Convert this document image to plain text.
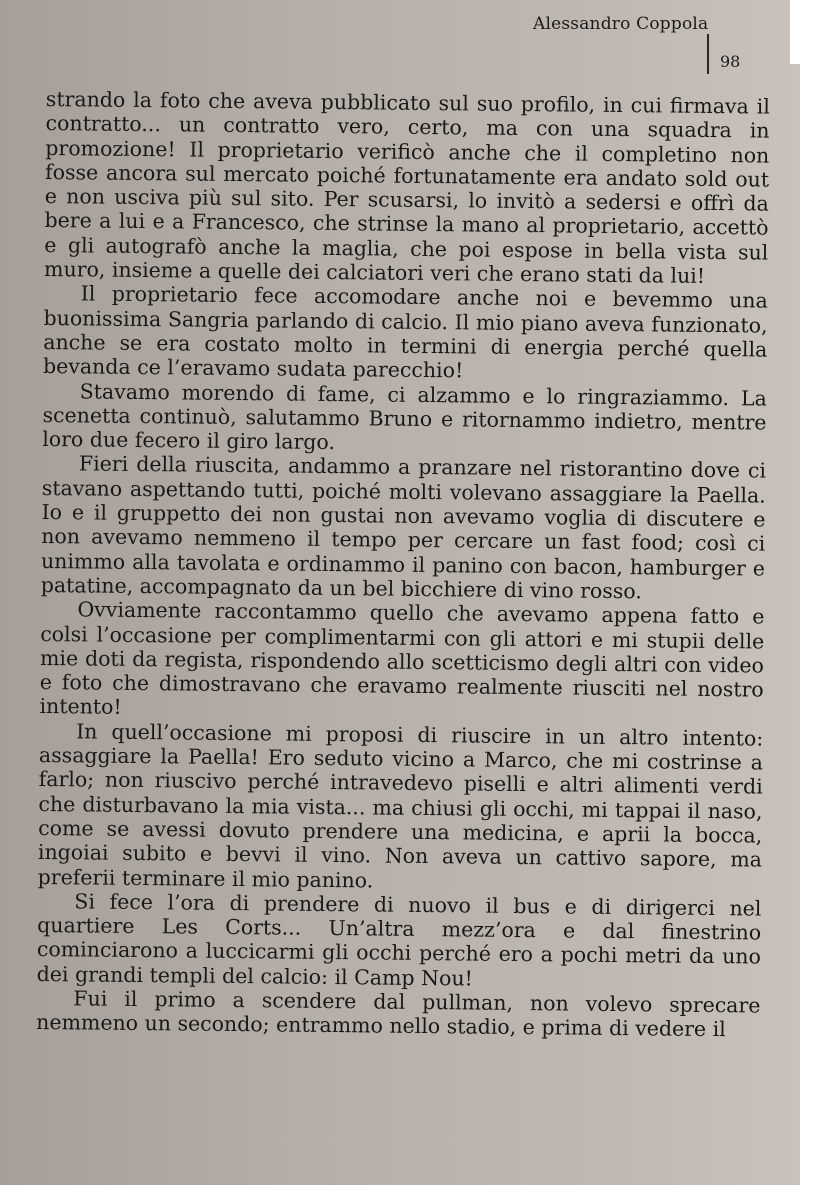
Alessandro Coppola
98

strando la foto che aveva pubblicato sul suo profilo, in cui firmava il contratto... un contratto vero, certo, ma con una squadra in promozione! Il proprietario verificò anche che il completino non fosse ancora sul mercato poiché fortunatamente era andato sold out e non usciva più sul sito. Per scusarsi, lo invitò a sedersi e offrì da bere a lui e a Francesco, che strinse la mano al proprietario, accettò e gli autografò anche la maglia, che poi espose in bella vista sul muro, insieme a quelle dei calciatori veri che erano stati da lui!

Il proprietario fece accomodare anche noi e bevemmo una buonissima Sangria parlando di calcio. Il mio piano aveva funzionato, anche se era costato molto in termini di energia perché quella bevanda ce l’eravamo sudata parecchio!

Stavamo morendo di fame, ci alzammo e lo ringraziammo. La scenetta continuò, salutammo Bruno e ritornammo indietro, mentre loro due fecero il giro largo.

Fieri della riuscita, andammo a pranzare nel ristorantino dove ci stavano aspettando tutti, poiché molti volevano assaggiare la Paella. Io e il gruppetto dei non gustai non avevamo voglia di discutere e non avevamo nemmeno il tempo per cercare un fast food; così ci unimmo alla tavolata e ordinammo il panino con bacon, hamburger e patatine, accompagnato da un bel bicchiere di vino rosso.

Ovviamente raccontammo quello che avevamo appena fatto e colsi l’occasione per complimentarmi con gli attori e mi stupii delle mie doti da regista, rispondendo allo scetticismo degli altri con video e foto che dimostravano che eravamo realmente riusciti nel nostro intento!

In quell’occasione mi proposi di riuscire in un altro intento: assaggiare la Paella! Ero seduto vicino a Marco, che mi costrinse a farlo; non riuscivo perché intravedevo piselli e altri alimenti verdi che disturbavano la mia vista... ma chiusi gli occhi, mi tappai il naso, come se avessi dovuto prendere una medicina, e aprii la bocca, ingoiai subito e bevvi il vino. Non aveva un cattivo sapore, ma preferii terminare il mio panino.

Si fece l’ora di prendere di nuovo il bus e di dirigerci nel quartiere Les Corts... Un’altra mezz’ora e dal finestrino cominciarono a luccicarmi gli occhi perché ero a pochi metri da uno dei grandi templi del calcio: il Camp Nou!

Fui il primo a scendere dal pullman, non volevo sprecare nemmeno un secondo; entrammo nello stadio, e prima di vedere il
